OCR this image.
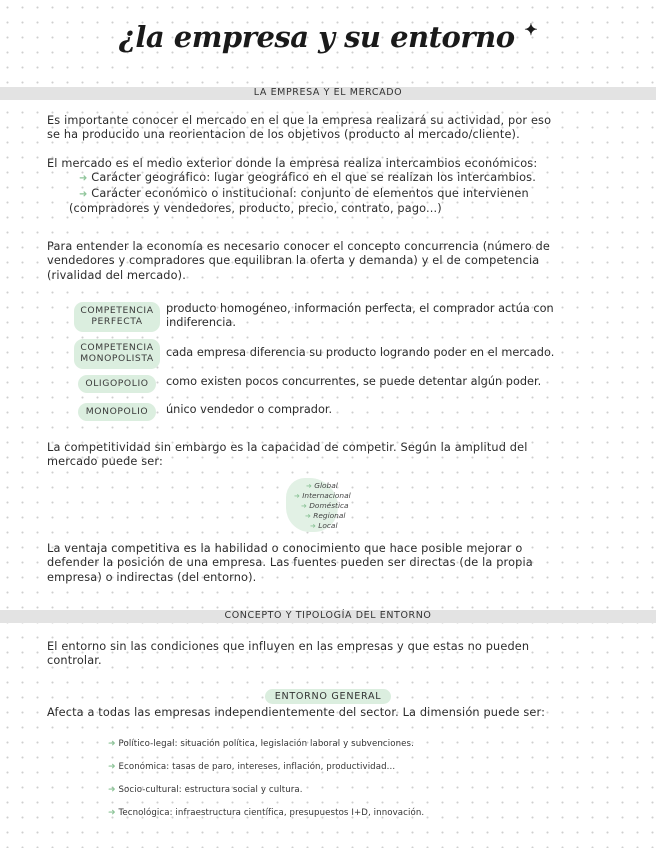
¿la empresa y su entorno ✦
LA EMPRESA Y EL MERCADO
Es importante conocer el mercado en el que la empresa realizará su actividad, por eso
se ha producido una reorientacion de los objetivos (producto al mercado/cliente).
El mercado es el medio exterior donde la empresa realiza intercambios económicos:
➜ Carácter geográfico: lugar geográfico en el que se realizan los intercambios.
➜ Carácter económico o institucional: conjunto de elementos que intervienen
(compradores y vendedores, producto, precio, contrato, pago...)
Para entender la economía es necesario conocer el concepto concurrencia (número de
vendedores y compradores que equilibran la oferta y demanda) y el de competencia
(rivalidad del mercado).
COMPETENCIA
PERFECTA
producto homogéneo, información perfecta, el comprador actúa con
indiferencia.
COMPETENCIA
MONOPOLISTA cada empresa diferencia su producto logrando poder en el mercado.
OLIGOPOLIO como existen pocos concurrentes, se puede detentar algún poder.
MONOPOLIO único vendedor o comprador.
La competitividad sin embargo es la capacidad de competir. Según la amplitud del
mercado puede ser:
➜ Global
➜ Internacional
➜ Doméstica
➜ Regional
➜ Local
La ventaja competitiva es la habilidad o conocimiento que hace posible mejorar o
defender la posición de una empresa. Las fuentes pueden ser directas (de la propia
empresa) o indirectas (del entorno).
CONCEPTO Y TIPOLOGÍA DEL ENTORNO
El entorno sin las condiciones que influyen en las empresas y que estas no pueden
controlar.
ENTORNO GENERAL
Afecta a todas las empresas independientemente del sector. La dimensión puede ser:
➜ Político-legal: situación política, legislación laboral y subvenciones.
➜ Económica: tasas de paro, intereses, inflación, productividad...
➜ Socio-cultural: estructura social y cultura.
➜ Tecnológica: infraestructura científica, presupuestos I+D, innovación.
